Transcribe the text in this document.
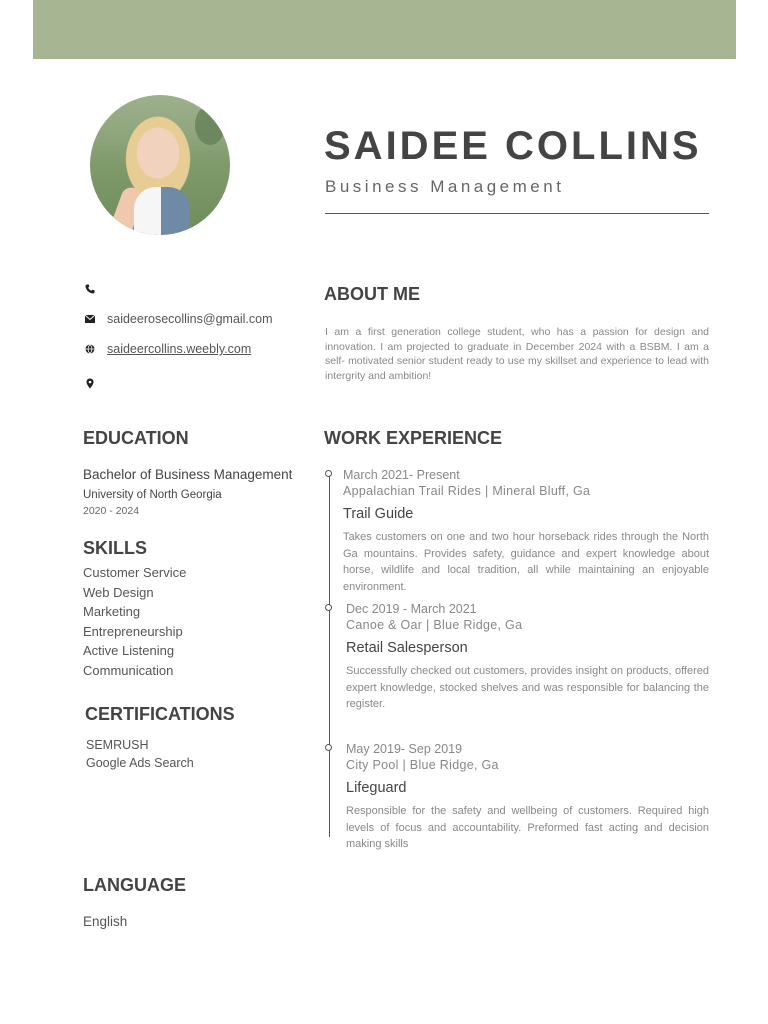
SAIDEE COLLINS
Business Management
saideerosecollins@gmail.com
saideercollins.weebly.com
ABOUT ME

I am a first generation college student, who has a passion for design and innovation. I am projected to graduate in December 2024 with a BSBM. I am a self- motivated senior student ready to use my skillset and experience to lead with intergrity and ambition!

EDUCATION
Bachelor of Business Management
University of North Georgia
2020 - 2024
SKILLS
Customer Service
Web Design
Marketing
Entrepreneurship
Active Listening
Communication
CERTIFICATIONS
SEMRUSH
Google Ads Search
LANGUAGE
English
WORK EXPERIENCE
March 2021- Present
Appalachian Trail Rides | Mineral Bluff, Ga
Trail Guide
Takes customers on one and two hour horseback rides through the North Ga mountains. Provides safety, guidance and expert knowledge about horse, wildlife and local tradition, all while maintaining an enjoyable environment.
Dec 2019 - March 2021
Canoe & Oar | Blue Ridge, Ga
Retail Salesperson
Successfully checked out customers, provides insight on products, offered expert knowledge, stocked shelves and was responsible for balancing the register.
May 2019- Sep 2019
City Pool | Blue Ridge, Ga
Lifeguard
Responsible for the safety and wellbeing of customers. Required high levels of focus and accountability. Preformed fast acting and decision making skills
